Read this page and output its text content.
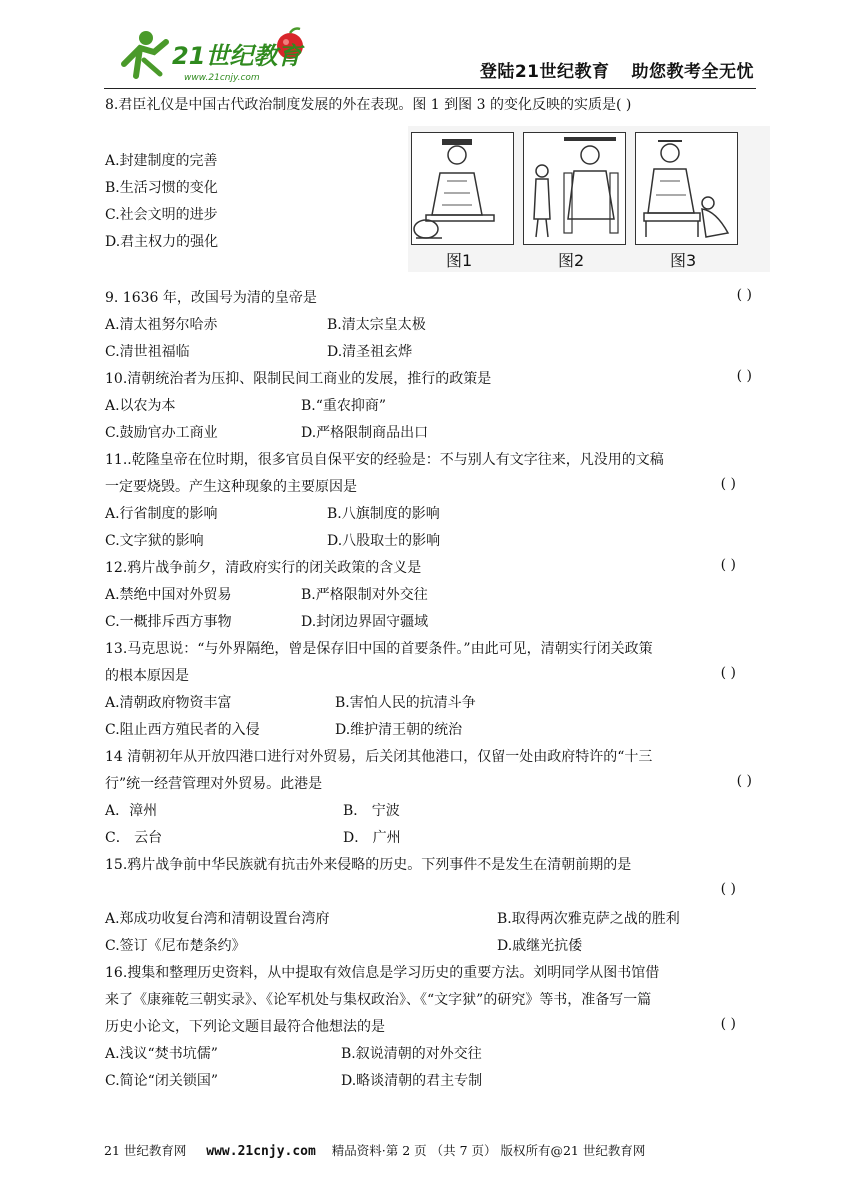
21世纪教育
www.21cnjy.com	登陆21世纪教育 助您教考全无忧
8.君臣礼仪是中国古代政治制度发展的外在表现。图 1 到图 3 的变化反映的实质是( )
A.封建制度的完善
B.生活习惯的变化
C.社会文明的进步
D.君主权力的强化
图1	图2	图3
9. 1636 年，改国号为清的皇帝是	( )
A.清太祖努尔哈赤	B.清太宗皇太极
C.清世祖福临	D.清圣祖玄烨
10.清朝统治者为压抑、限制民间工商业的发展，推行的政策是	( )
A.以农为本	B.“重农抑商”
C.鼓励官办工商业	D.严格限制商品出口
11..乾隆皇帝在位时期，很多官员自保平安的经验是：不与别人有文字往来，凡没用的文稿
一定要烧毁。产生这种现象的主要原因是	( )
A.行省制度的影响	B.八旗制度的影响
C.文字狱的影响	D.八股取士的影响
12.鸦片战争前夕，清政府实行的闭关政策的含义是	( )
A.禁绝中国对外贸易	B.严格限制对外交往
C.一概排斥西方事物	D.封闭边界固守疆域
13.马克思说：“与外界隔绝，曾是保存旧中国的首要条件。”由此可见，清朝实行闭关政策
的根本原因是	( )
A.清朝政府物资丰富	B.害怕人民的抗清斗争
C.阻止西方殖民者的入侵	D.维护清王朝的统治
14 清朝初年从开放四港口进行对外贸易，后关闭其他港口，仅留一处由政府特许的“十三
行”统一经营管理对外贸易。此港是	( )
A．漳州	B． 宁波
C． 云台	D． 广州
15.鸦片战争前中华民族就有抗击外来侵略的历史。下列事件不是发生在清朝前期的是
( )
A.郑成功收复台湾和清朝设置台湾府	B.取得两次雅克萨之战的胜利
C.签订《尼布楚条约》	D.戚继光抗倭
16.搜集和整理历史资料，从中提取有效信息是学习历史的重要方法。刘明同学从图书馆借
来了《康雍乾三朝实录》、《论军机处与集权政治》、《“文字狱”的研究》等书，准备写一篇
历史小论文，下列论文题目最符合他想法的是	( )
A.浅议“焚书坑儒”	B.叙说清朝的对外交往
C.简论“闭关锁国”	D.略谈清朝的君主专制
21 世纪教育网 www.21cnjy.com 精品资料·第 2 页 （共 7 页） 版权所有@21 世纪教育网
